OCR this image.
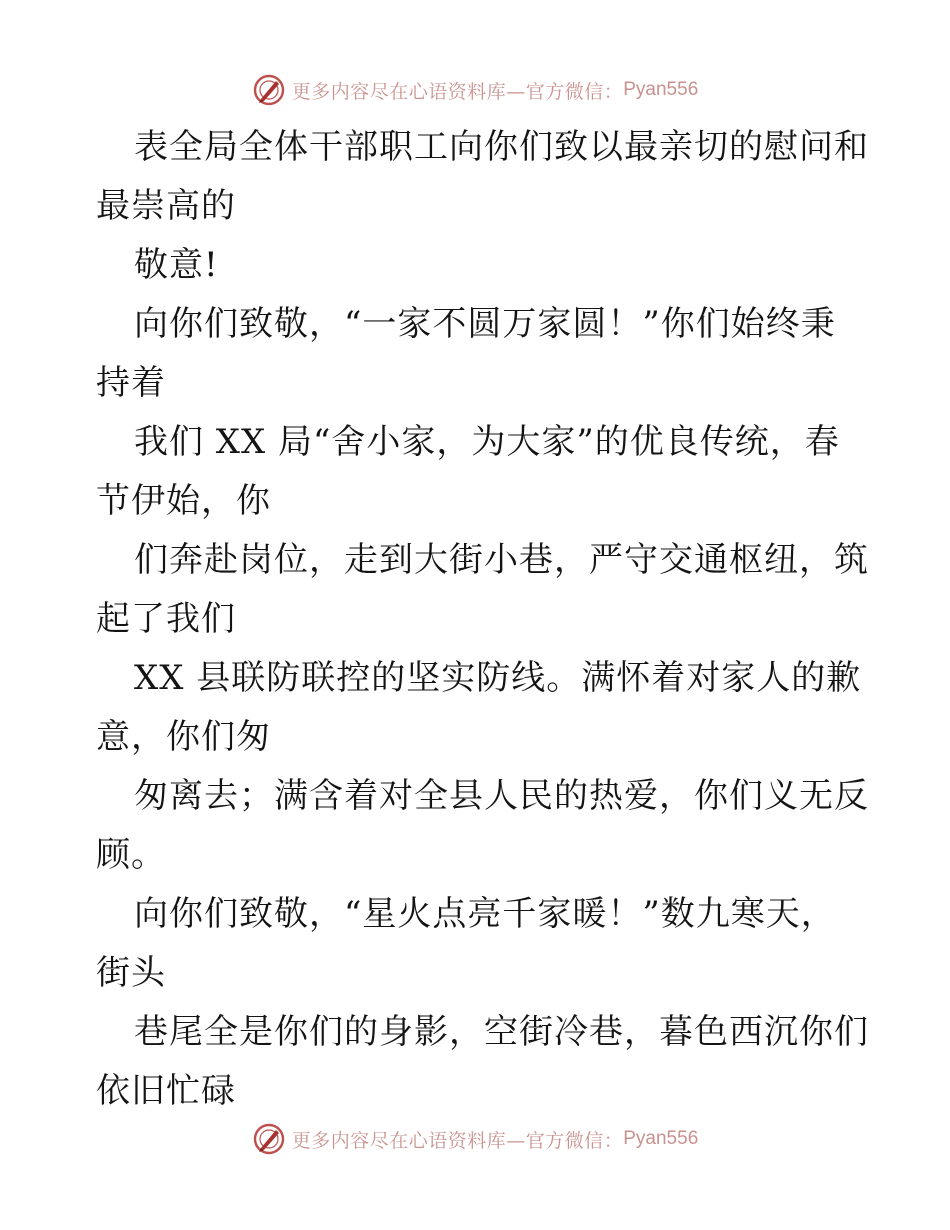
更多内容尽在心语资料库—官方微信： Pyan556
表全局全体干部职工向你们致以最亲切的慰问和
最崇高的
敬意!
向你们致敬，“一家不圆万家圆！”你们始终秉
持着
我们 XX 局“舍小家，为大家”的优良传统，春
节伊始，你
们奔赴岗位，走到大街小巷，严守交通枢纽，筑
起了我们
XX 县联防联控的坚实防线。满怀着对家人的歉
意，你们匆
匆离去；满含着对全县人民的热爱，你们义无反
顾。
向你们致敬，“星火点亮千家暖！”数九寒天，
街头
巷尾全是你们的身影，空街冷巷，暮色西沉你们
依旧忙碌
更多内容尽在心语资料库—官方微信： Pyan556
